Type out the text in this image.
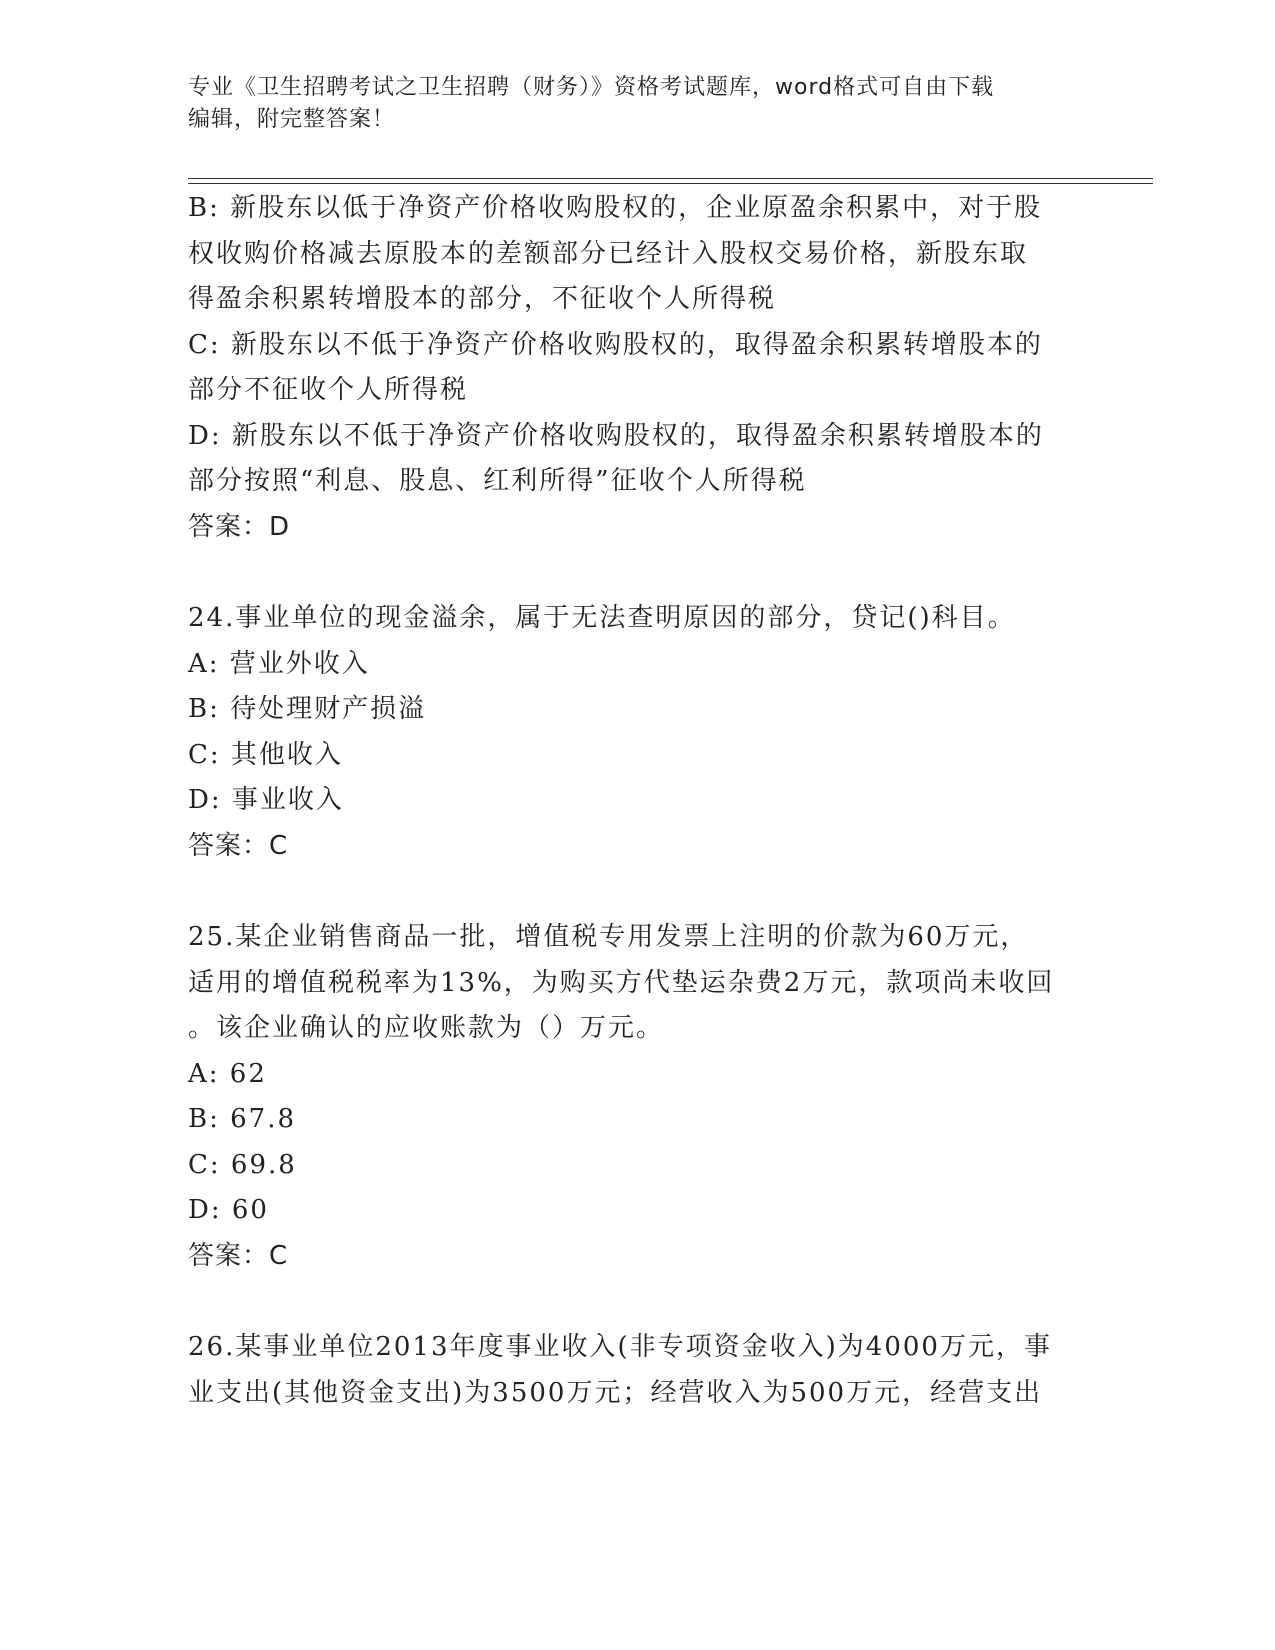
专业《卫生招聘考试之卫生招聘（财务）》资格考试题库，word格式可自由下载
编辑，附完整答案！

B: 新股东以低于净资产价格收购股权的，企业原盈余积累中，对于股

权收购价格减去原股本的差额部分已经计入股权交易价格，新股东取

得盈余积累转增股本的部分，不征收个人所得税

C: 新股东以不低于净资产价格收购股权的，取得盈余积累转增股本的

部分不征收个人所得税

D: 新股东以不低于净资产价格收购股权的，取得盈余积累转增股本的

部分按照“利息、股息、红利所得”征收个人所得税

答案：D

24.事业单位的现金溢余，属于无法查明原因的部分，贷记()科目。

A: 营业外收入

B: 待处理财产损溢

C: 其他收入

D: 事业收入

答案：C

25.某企业销售商品一批，增值税专用发票上注明的价款为60万元，

适用的增值税税率为13%，为购买方代垫运杂费2万元，款项尚未收回

。该企业确认的应收账款为（）万元。

A: 62

B: 67.8

C: 69.8

D: 60

答案：C

26.某事业单位2013年度事业收入(非专项资金收入)为4000万元，事

业支出(其他资金支出)为3500万元；经营收入为500万元，经营支出
